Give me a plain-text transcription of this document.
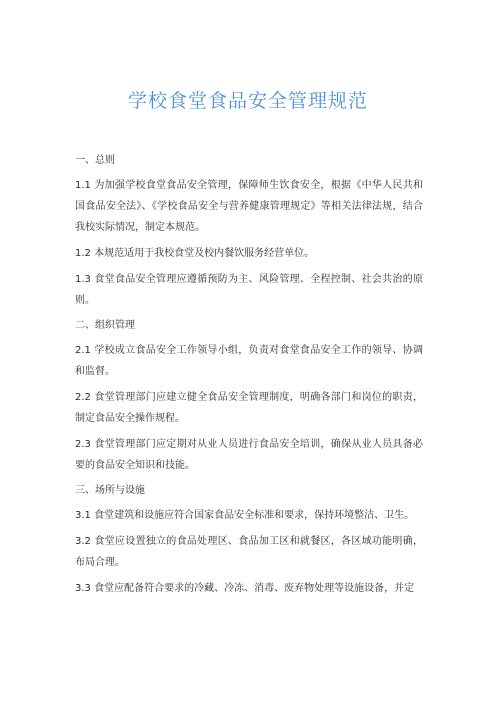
学校食堂食品安全管理规范

一、总则

1.1 为加强学校食堂食品安全管理，保障师生饮食安全，根据《中华人民共和国食品安全法》、《学校食品安全与营养健康管理规定》等相关法律法规，结合我校实际情况，制定本规范。

1.2 本规范适用于我校食堂及校内餐饮服务经营单位。

1.3 食堂食品安全管理应遵循预防为主、风险管理、全程控制、社会共治的原则。

二、组织管理

2.1 学校成立食品安全工作领导小组，负责对食堂食品安全工作的领导、协调和监督。

2.2 食堂管理部门应建立健全食品安全管理制度，明确各部门和岗位的职责，制定食品安全操作规程。

2.3 食堂管理部门应定期对从业人员进行食品安全培训，确保从业人员具备必要的食品安全知识和技能。

三、场所与设施

3.1 食堂建筑和设施应符合国家食品安全标准和要求，保持环境整洁、卫生。

3.2 食堂应设置独立的食品处理区、食品加工区和就餐区，各区域功能明确，布局合理。

3.3 食堂应配备符合要求的冷藏、冷冻、消毒、废弃物处理等设施设备，并定
